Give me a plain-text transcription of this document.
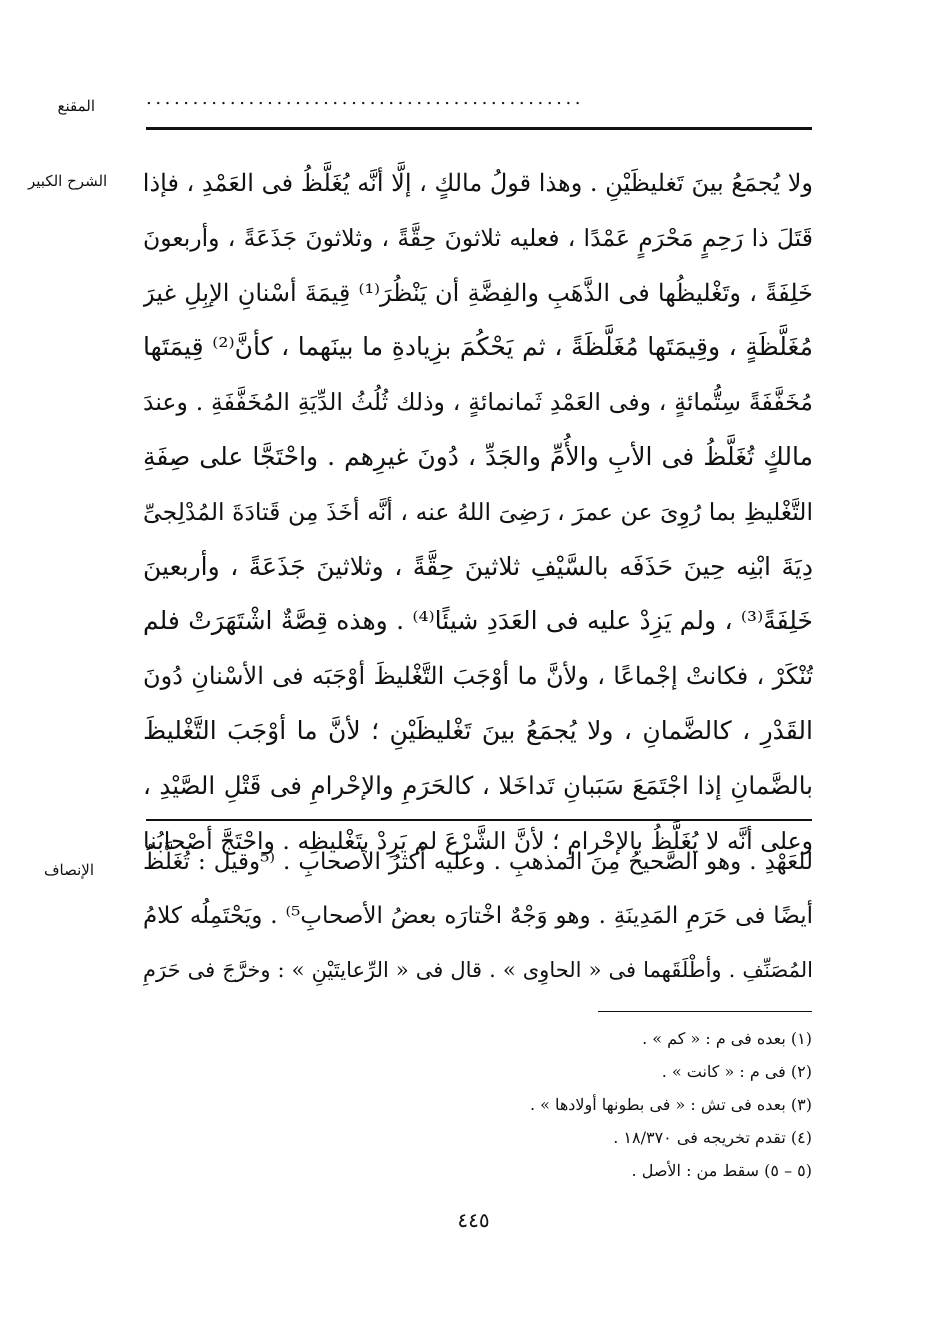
...............................................
المقنع
الشرح الكبير ولا يُجمَعُ بينَ تَغليظَيْنِ . وهذا قولُ مالكٍ ، إلَّا أنَّه يُغَلَّظُ فى العَمْدِ ، فإذا
قَتَلَ ذا رَحِمٍ مَحْرَمٍ عَمْدًا ، فعليه ثلاثونَ حِقَّةً ، وثلاثونَ جَذَعَةً ، وأربعونَ
خَلِفَةً ، وتَغْليظُها فى الذَّهَبِ والفِضَّةِ أن يَنْظُرَ⁽¹⁾ قِيمَةَ أسْنانِ الإبِلِ غيرَ
مُغَلَّظَةٍ ، وقِيمَتَها مُغَلَّظَةً ، ثم يَحْكُمَ بزِيادةِ ما بينَهما ، كأنَّ⁽²⁾ قِيمَتَها
مُخَفَّفَةً سِتُّمائةٍ ، وفى العَمْدِ ثَمانمائةٍ ، وذلك ثُلُثُ الدِّيَةِ المُخَفَّفَةِ . وعندَ
مالكٍ تُغَلَّظُ فى الأبِ والأُمِّ والجَدِّ ، دُونَ غيرِهم . واحْتَجَّا على صِفَةِ
التَّغْليظِ بما رُوِىَ عن عمرَ ، رَضِىَ اللهُ عنه ، أنَّه أخَذَ مِن قَتادَةَ المُدْلِجىِّ
دِيَةَ ابْنِه حِينَ حَذَفَه بالسَّيْفِ ثلاثينَ حِقَّةً ، وثلاثينَ جَذَعَةً ، وأربعينَ
خَلِفَةً⁽³⁾ ، ولم يَزِدْ عليه فى العَدَدِ شيئًا⁽⁴⁾ . وهذه قِصَّةٌ اشْتَهَرَتْ فلم
تُنْكَرْ ، فكانتْ إجْماعًا ، ولأنَّ ما أوْجَبَ التَّغْليظَ أوْجَبَه فى الأسْنانِ دُونَ
القَدْرِ ، كالضَّمانِ ، ولا يُجمَعُ بينَ تَغْليظَيْنِ ؛ لأنَّ ما أوْجَبَ التَّغْليظَ
بالضَّمانِ إذا اجْتَمَعَ سَبَبانِ تَداخَلا ، كالحَرَمِ والإحْرامِ فى قَتْلِ الصَّيْدِ ،
وعلى أنَّه لا يُغَلَّظُ بالإحْرامِ ؛ لأنَّ الشَّرْعَ لم يَرِدْ بتَغْليظِه . واحْتَجَّ أصْحابُنا
الإنصاف للعَهْدِ . وهو الصَّحيحُ مِنَ المذهبِ . وعليه أكثرُ الأصحابِ . ⁽⁵وقيل : تُغَلَّظُ
أيضًا فى حَرَمِ المَدِينَةِ . وهو وَجْهٌ اخْتارَه بعضُ الأصحابِ⁵⁾ . ويَحْتَمِلُه كلامُ
المُصَنِّفِ . وأطْلَقَهما فى « الحاوِى » . قال فى « الرِّعايتَيْنِ » : وخرَّجَ فى حَرَمِ
(١) بعده فى م : « كم » .
(٢) فى م : « كانت » .
(٣) بعده فى تش : « فى بطونها أولادها » .
(٤) تقدم تخريجه فى ١٨/٣٧٠ .
(٥ – ٥) سقط من : الأصل .
٤٤٥
